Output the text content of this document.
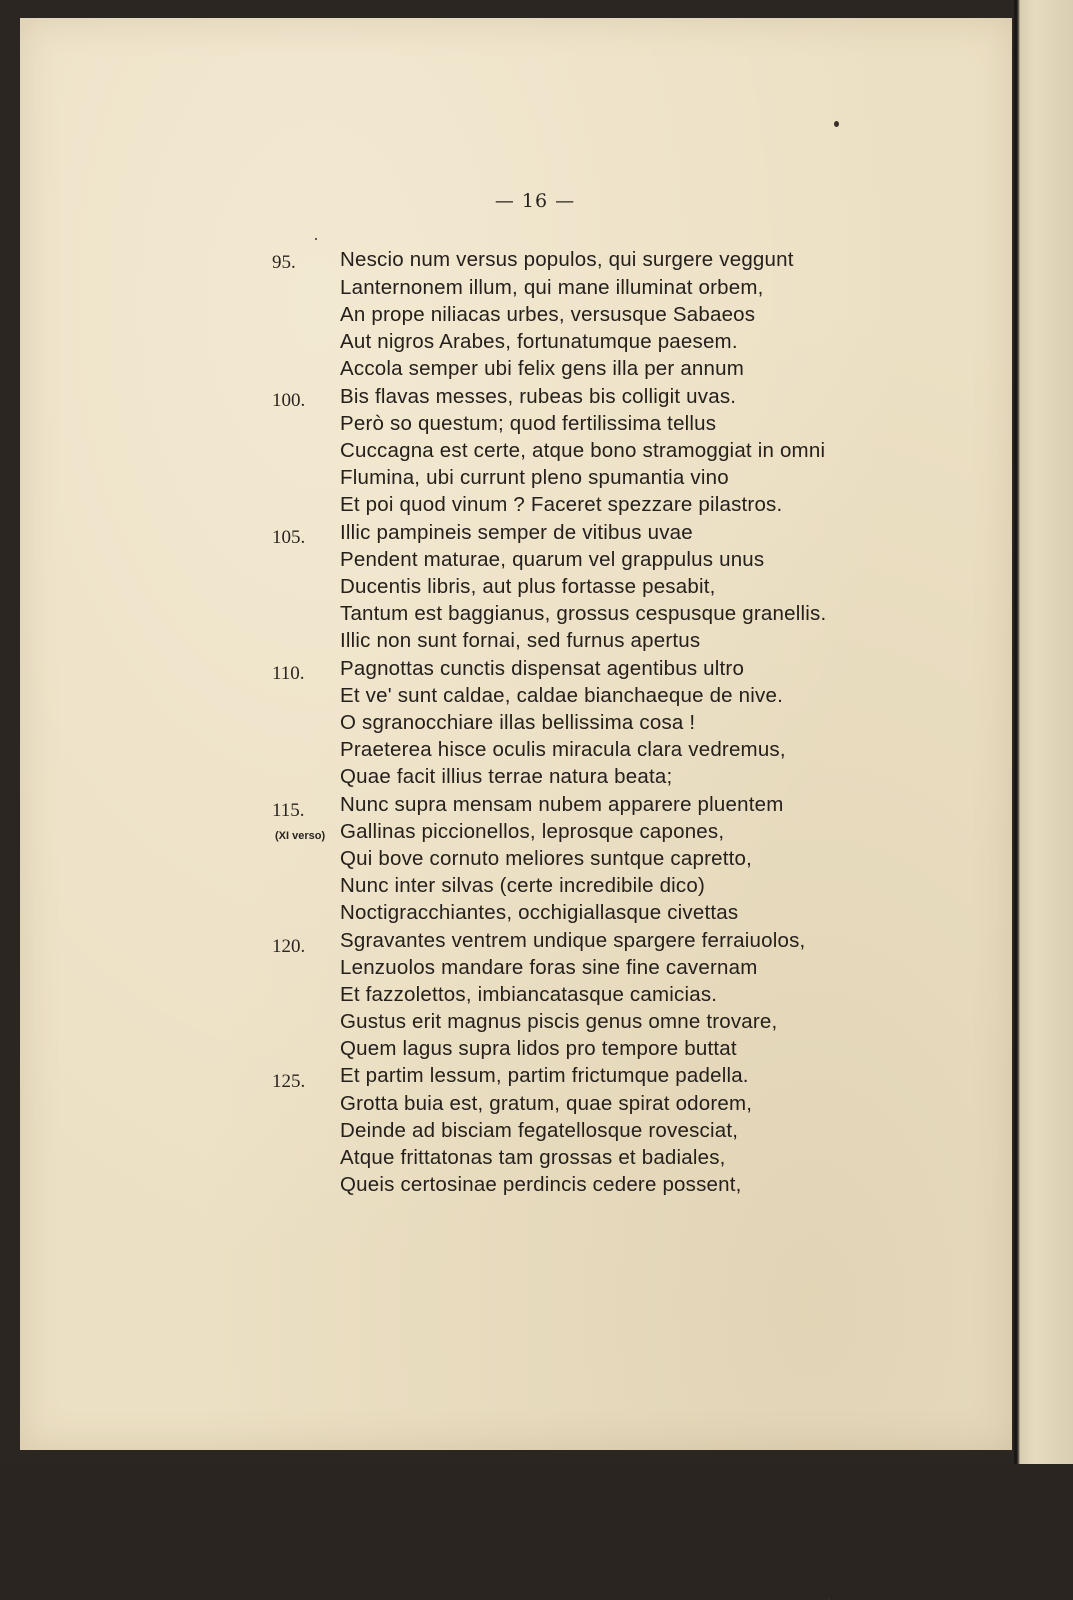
— 16 —
95.
100.
105.
110.
115.
(XI verso)
120.
125.
Nescio num versus populos, qui surgere veggunt
Lanternonem illum, qui mane illuminat orbem,
An prope niliacas urbes, versusque Sabaeos
Aut nigros Arabes, fortunatumque paesem.
Accola semper ubi felix gens illa per annum
Bis flavas messes, rubeas bis colligit uvas.
Però so questum; quod fertilissima tellus
Cuccagna est certe, atque bono stramoggiat in omni
Flumina, ubi currunt pleno spumantia vino
Et poi quod vinum ? Faceret spezzare pilastros.
Illic pampineis semper de vitibus uvae
Pendent maturae, quarum vel grappulus unus
Ducentis libris, aut plus fortasse pesabit,
Tantum est baggianus, grossus cespusque granellis.
Illic non sunt fornai, sed furnus apertus
Pagnottas cunctis dispensat agentibus ultro
Et ve' sunt caldae, caldae bianchaeque de nive.
O sgranocchiare illas bellissima cosa !
Praeterea hisce oculis miracula clara vedremus,
Quae facit illius terrae natura beata;
Nunc supra mensam nubem apparere pluentem
Gallinas piccionellos, leprosque capones,
Qui bove cornuto meliores suntque capretto,
Nunc inter silvas (certe incredibile dico)
Noctigracchiantes, occhigiallasque civettas
Sgravantes ventrem undique spargere ferraiuolos,
Lenzuolos mandare foras sine fine cavernam
Et fazzolettos, imbiancatasque camicias.
Gustus erit magnus piscis genus omne trovare,
Quem lagus supra lidos pro tempore buttat
Et partim lessum, partim frictumque padella.
Grotta buia est, gratum, quae spirat odorem,
Deinde ad bisciam fegatellosque rovesciat,
Atque frittatonas tam grossas et badiales,
Queis certosinae perdincis cedere possent,
